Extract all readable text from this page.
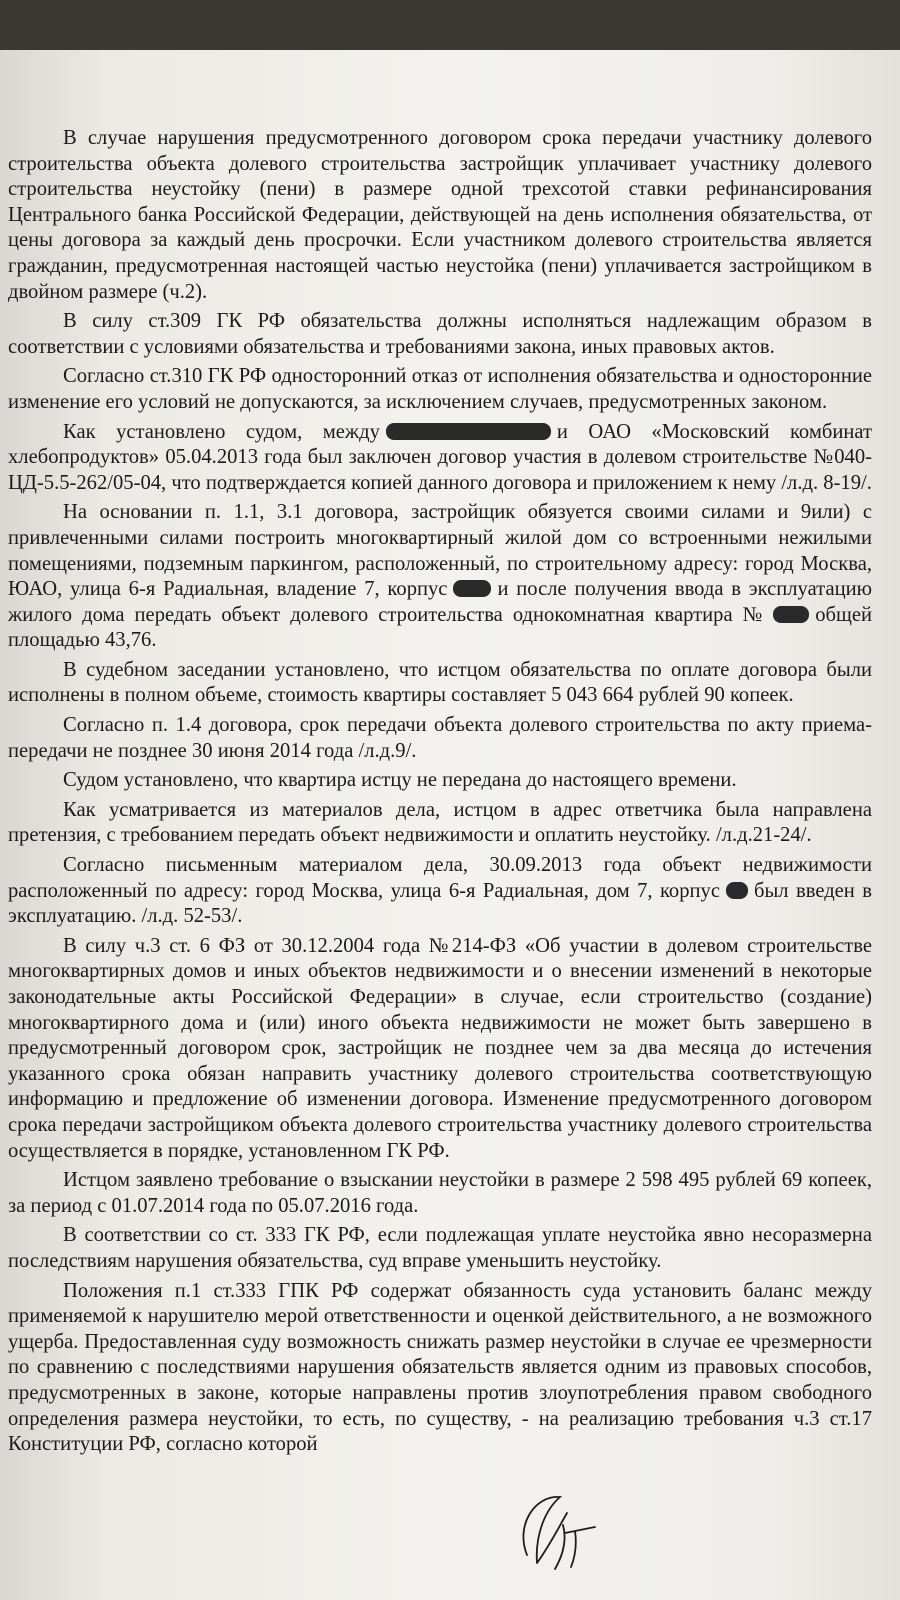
В случае нарушения предусмотренного договором срока передачи участнику долевого строительства объекта долевого строительства застройщик уплачивает участнику долевого строительства неустойку (пени) в размере одной трехсотой ставки рефинансирования Центрального банка Российской Федерации, действующей на день исполнения обязательства, от цены договора за каждый день просрочки. Если участником долевого строительства является гражданин, предусмотренная настоящей частью неустойка (пени) уплачивается застройщиком в двойном размере (ч.2).

В силу ст.309 ГК РФ обязательства должны исполняться надлежащим образом в соответствии с условиями обязательства и требованиями закона, иных правовых актов.

Согласно ст.310 ГК РФ односторонний отказ от исполнения обязательства и односторонние изменение его условий не допускаются, за исключением случаев, предусмотренных законом.

Как установлено судом, между	и ОАО «Московский комбинат хлебопродуктов» 05.04.2013 года был заключен договор участия в долевом строительстве №040-ЦД-5.5-262/05-04, что подтверждается копией данного договора и приложением к нему /л.д. 8-19/.

На основании п. 1.1, 3.1 договора, застройщик обязуется своими силами и 9или) с привлеченными силами построить многоквартирный жилой дом со встроенными нежилыми помещениями, подземным паркингом, расположенный, по строительному адресу: город Москва, ЮАО, улица 6-я Радиальная, владение 7, корпус и после получения ввода в эксплуатацию жилого дома передать объект долевого строительства однокомнатная квартира № общей площадью 43,76.

В судебном заседании установлено, что истцом обязательства по оплате договора были исполнены в полном объеме, стоимость квартиры составляет 5 043 664 рублей 90 копеек.

Согласно п. 1.4 договора, срок передачи объекта долевого строительства по акту приема-передачи не позднее 30 июня 2014 года /л.д.9/.

Судом установлено, что квартира истцу не передана до настоящего времени.

Как усматривается из материалов дела, истцом в адрес ответчика была направлена претензия, с требованием передать объект недвижимости и оплатить неустойку. /л.д.21-24/.

Согласно письменным материалом дела, 30.09.2013 года объект недвижимости расположенный по адресу: город Москва, улица 6-я Радиальная, дом 7, корпус был введен в эксплуатацию. /л.д. 52-53/.

В силу ч.3 ст. 6 ФЗ от 30.12.2004 года №214-ФЗ «Об участии в долевом строительстве многоквартирных домов и иных объектов недвижимости и о внесении изменений в некоторые законодательные акты Российской Федерации» в случае, если строительство (создание) многоквартирного дома и (или) иного объекта недвижимости не может быть завершено в предусмотренный договором срок, застройщик не позднее чем за два месяца до истечения указанного срока обязан направить участнику долевого строительства соответствующую информацию и предложение об изменении договора. Изменение предусмотренного договором срока передачи застройщиком объекта долевого строительства участнику долевого строительства осуществляется в порядке, установленном ГК РФ.

Истцом заявлено требование о взыскании неустойки в размере 2 598 495 рублей 69 копеек, за период с 01.07.2014 года по 05.07.2016 года.

В соответствии со ст. 333 ГК РФ, если подлежащая уплате неустойка явно несоразмерна последствиям нарушения обязательства, суд вправе уменьшить неустойку.

Положения п.1 ст.333 ГПК РФ содержат обязанность суда установить баланс между применяемой к нарушителю мерой ответственности и оценкой действительного, а не возможного ущерба. Предоставленная суду возможность снижать размер неустойки в случае ее чрезмерности по сравнению с последствиями нарушения обязательств является одним из правовых способов, предусмотренных в законе, которые направлены против злоупотребления правом свободного определения размера неустойки, то есть, по существу, - на реализацию требования ч.3 ст.17 Конституции РФ, согласно которой
